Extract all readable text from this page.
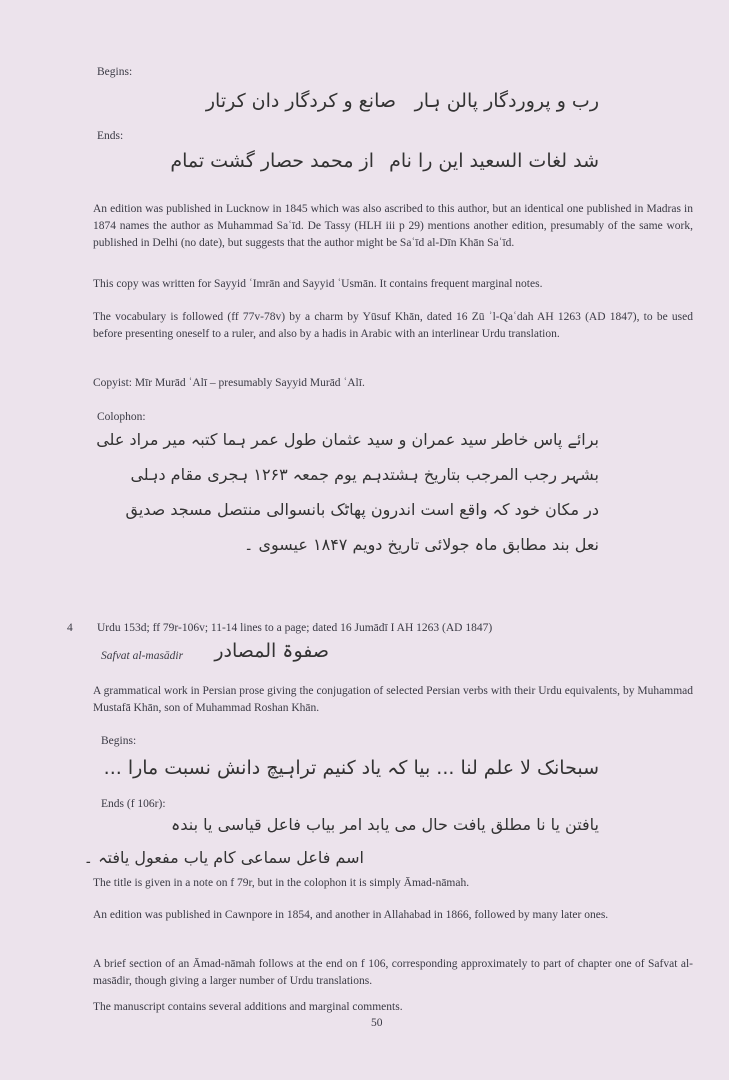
Begins:
صانع و کردگار دان کرتار رب و پروردگار پالن ہار
Ends:
از محمد حصار گشت تمام شد لغات السعید این را نام
An edition was published in Lucknow in 1845 which was also ascribed to this author, but an identical one published in Madras in 1874 names the author as Muhammad Saʿīd. De Tassy (HLH iii p 29) mentions another edition, presumably of the same work, published in Delhi (no date), but suggests that the author might be Saʿīd al-Dīn Khān Saʿīd.
This copy was written for Sayyid ʿImrān and Sayyid ʿUsmān. It contains frequent marginal notes.
The vocabulary is followed (ff 77v-78v) by a charm by Yūsuf Khān, dated 16 Zū ʾl-Qaʿdah AH 1263 (AD 1847), to be used before presenting oneself to a ruler, and also by a hadis in Arabic with an interlinear Urdu translation.
Copyist: Mīr Murād ʿAlī – presumably Sayyid Murād ʿAlī.
Colophon:
برائے پاس خاطر سید عمران و سید عثمان طول عمر ہما کتبہ میر مراد علی
بشہر رجب المرجب بتاریخ ہشتدہم یوم جمعہ ۱۲۶۳ ہجری مقام دہلی
در مکان خود کہ واقع است اندرون پھاٹک بانسوالی منتصل مسجد صدیق
نعل بند مطابق ماہ جولائی تاریخ دویم ۱۸۴۷ عیسوی ۔
4 Urdu 153d; ff 79r-106v; 11-14 lines to a page; dated 16 Jumādī I AH 1263 (AD 1847)
Safvat al-masādir صفوۃ المصادر
A grammatical work in Persian prose giving the conjugation of selected Persian verbs with their Urdu equivalents, by Muhammad Mustafā Khān, son of Muhammad Roshan Khān.
Begins:
سبحانک لا علم لنا ... بیا کہ یاد کنیم تراہیچ دانش نسبت مارا ...
Ends (f 106r):
یافتن یا نا مطلق یافت حال می یابد امر بیاب فاعل قیاسی یا بندہ
اسم فاعل سماعی کام یاب مفعول یافتہ ۔
The title is given in a note on f 79r, but in the colophon it is simply Āmad-nāmah.
An edition was published in Cawnpore in 1854, and another in Allahabad in 1866, followed by many later ones.
A brief section of an Āmad-nāmah follows at the end on f 106, corresponding approximately to part of chapter one of Safvat al-masādir, though giving a larger number of Urdu translations.
The manuscript contains several additions and marginal comments.
50
